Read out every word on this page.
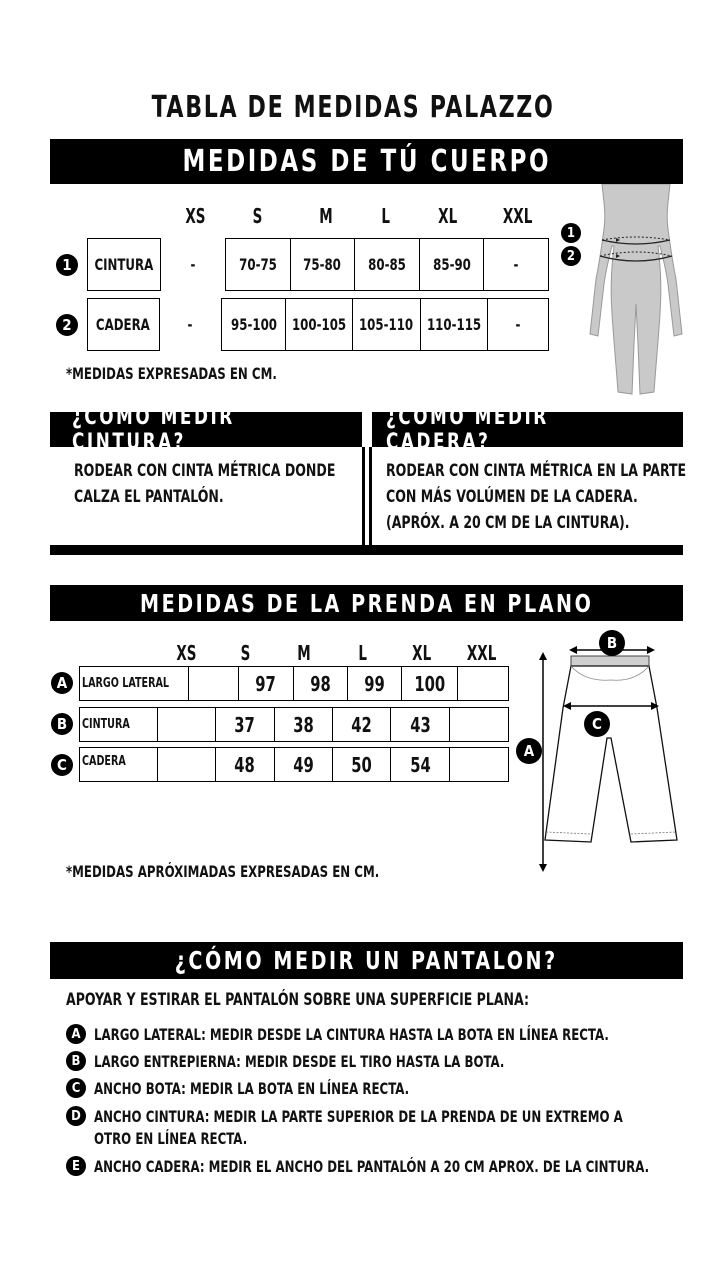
TABLA DE MEDIDAS PALAZZO
MEDIDAS DE TÚ CUERPO
XS	S	M	L	XL	XXL
1	CINTURA	-	70-75	75-80	80-85	85-90	-
2	CADERA	-	95-100	100-105	105-110	110-115	-
*MEDIDAS EXPRESADAS EN CM.
1
2
¿CÓMO MEDIR CINTURA?
¿CÓMO MEDIR CADERA?
RODEAR CON CINTA MÉTRICA DONDE
CALZA EL PANTALÓN.
RODEAR CON CINTA MÉTRICA EN LA PARTE
CON MÁS VOLÚMEN DE LA CADERA.
(APRÓX. A 20 CM DE LA CINTURA).
MEDIDAS DE LA PRENDA EN PLANO
XS	S	M	L	XL	XXL
A	LARGO LATERAL		97	98	99	100	
B	CINTURA		37	38	42	43	
C	CADERA		48	49	50	54	
*MEDIDAS APRÓXIMADAS EXPRESADAS EN CM.
B
C
A
¿CÓMO MEDIR UN PANTALON?
APOYAR Y ESTIRAR EL PANTALÓN SOBRE UNA SUPERFICIE PLANA:
A LARGO LATERAL: MEDIR DESDE LA CINTURA HASTA LA BOTA EN LÍNEA RECTA.
B LARGO ENTREPIERNA: MEDIR DESDE EL TIRO HASTA LA BOTA.
C ANCHO BOTA: MEDIR LA BOTA EN LÍNEA RECTA.
D ANCHO CINTURA: MEDIR LA PARTE SUPERIOR DE LA PRENDA DE UN EXTREMO A OTRO EN LÍNEA RECTA.
E ANCHO CADERA: MEDIR EL ANCHO DEL PANTALÓN A 20 CM APROX. DE LA CINTURA.
